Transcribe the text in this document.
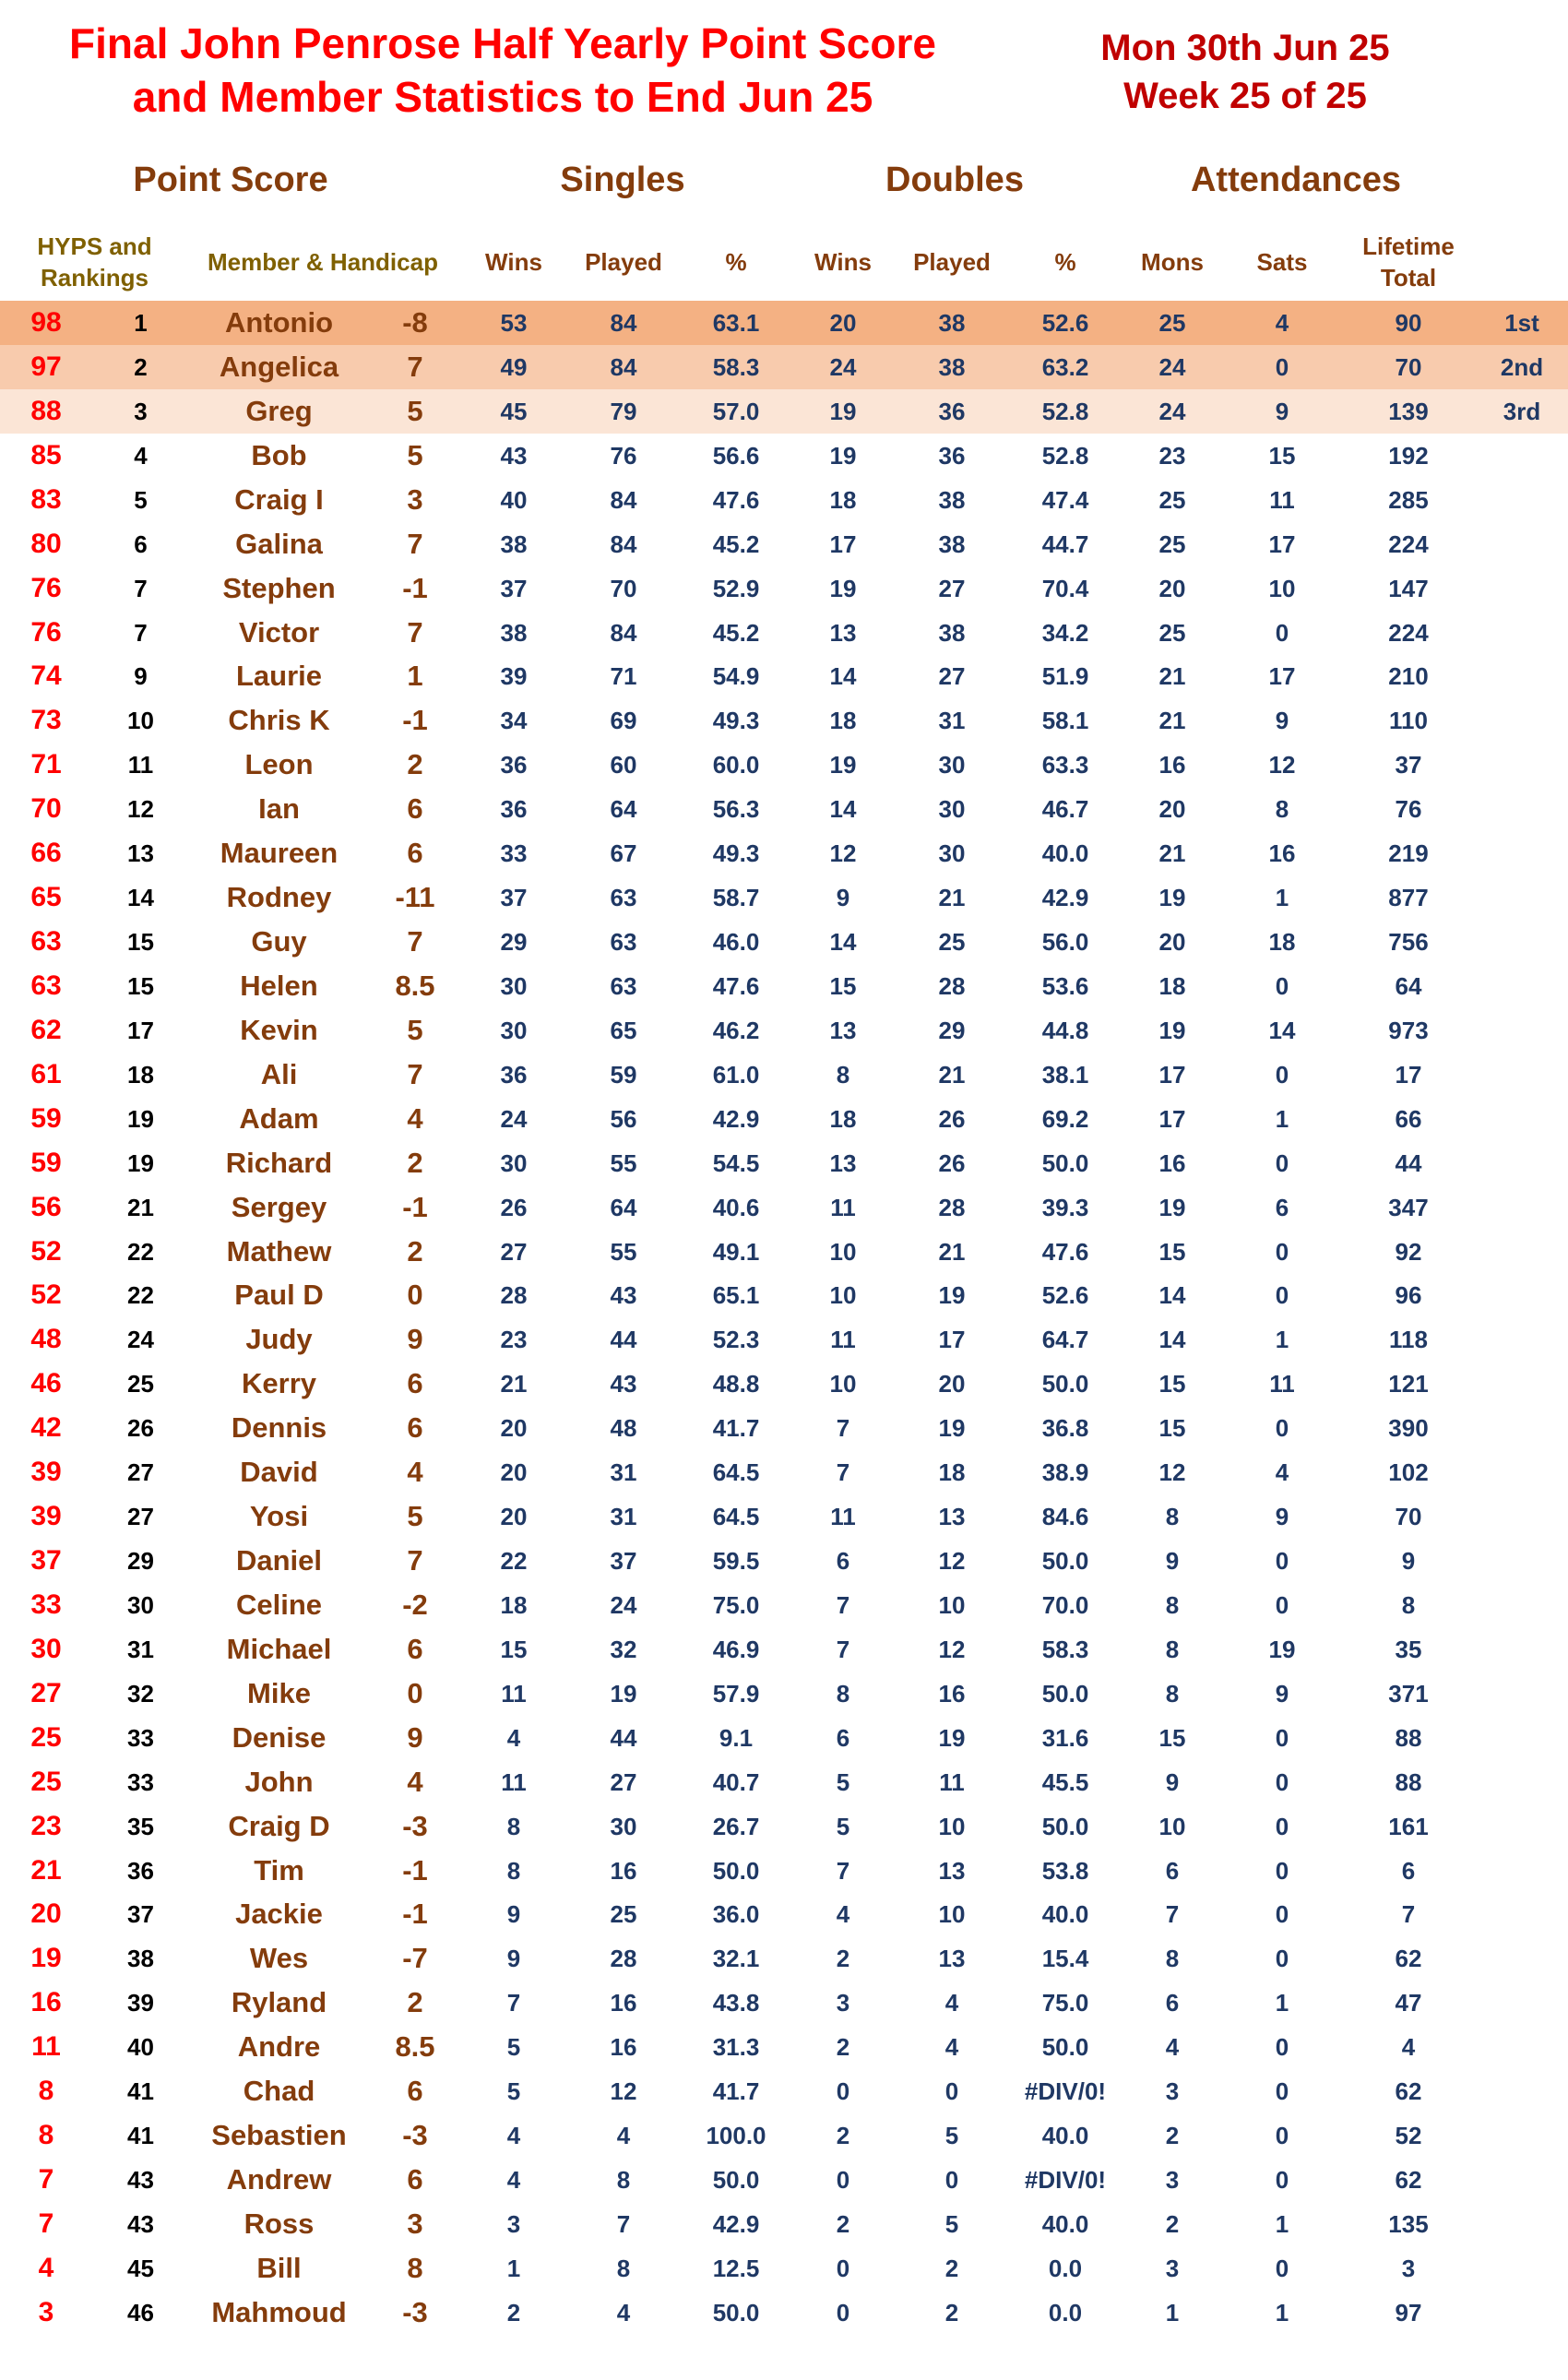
Final John Penrose Half Yearly Point Score
and Member Statistics to End Jun 25
Mon 30th Jun 25
Week 25 of 25
Point Score	Singles	Doubles	Attendances
HYPS and Rankings
Member & Handicap	Wins	Played	%	Wins	Played	%	Mons	Sats
Lifetime Total
98	1	Antonio	-8	53	84	63.1	20	38	52.6	25	4	90	1st
97	2	Angelica	7	49	84	58.3	24	38	63.2	24	0	70	2nd
88	3	Greg	5	45	79	57.0	19	36	52.8	24	9	139	3rd
85	4	Bob	5	43	76	56.6	19	36	52.8	23	15	192
83	5	Craig I	3	40	84	47.6	18	38	47.4	25	11	285
80	6	Galina	7	38	84	45.2	17	38	44.7	25	17	224
76	7	Stephen	-1	37	70	52.9	19	27	70.4	20	10	147
76	7	Victor	7	38	84	45.2	13	38	34.2	25	0	224
74	9	Laurie	1	39	71	54.9	14	27	51.9	21	17	210
73	10	Chris K	-1	34	69	49.3	18	31	58.1	21	9	110
71	11	Leon	2	36	60	60.0	19	30	63.3	16	12	37
70	12	Ian	6	36	64	56.3	14	30	46.7	20	8	76
66	13	Maureen	6	33	67	49.3	12	30	40.0	21	16	219
65	14	Rodney	-11	37	63	58.7	9	21	42.9	19	1	877
63	15	Guy	7	29	63	46.0	14	25	56.0	20	18	756
63	15	Helen	8.5	30	63	47.6	15	28	53.6	18	0	64
62	17	Kevin	5	30	65	46.2	13	29	44.8	19	14	973
61	18	Ali	7	36	59	61.0	8	21	38.1	17	0	17
59	19	Adam	4	24	56	42.9	18	26	69.2	17	1	66
59	19	Richard	2	30	55	54.5	13	26	50.0	16	0	44
56	21	Sergey	-1	26	64	40.6	11	28	39.3	19	6	347
52	22	Mathew	2	27	55	49.1	10	21	47.6	15	0	92
52	22	Paul D	0	28	43	65.1	10	19	52.6	14	0	96
48	24	Judy	9	23	44	52.3	11	17	64.7	14	1	118
46	25	Kerry	6	21	43	48.8	10	20	50.0	15	11	121
42	26	Dennis	6	20	48	41.7	7	19	36.8	15	0	390
39	27	David	4	20	31	64.5	7	18	38.9	12	4	102
39	27	Yosi	5	20	31	64.5	11	13	84.6	8	9	70
37	29	Daniel	7	22	37	59.5	6	12	50.0	9	0	9
33	30	Celine	-2	18	24	75.0	7	10	70.0	8	0	8
30	31	Michael	6	15	32	46.9	7	12	58.3	8	19	35
27	32	Mike	0	11	19	57.9	8	16	50.0	8	9	371
25	33	Denise	9	4	44	9.1	6	19	31.6	15	0	88
25	33	John	4	11	27	40.7	5	11	45.5	9	0	88
23	35	Craig D	-3	8	30	26.7	5	10	50.0	10	0	161
21	36	Tim	-1	8	16	50.0	7	13	53.8	6	0	6
20	37	Jackie	-1	9	25	36.0	4	10	40.0	7	0	7
19	38	Wes	-7	9	28	32.1	2	13	15.4	8	0	62
16	39	Ryland	2	7	16	43.8	3	4	75.0	6	1	47
11	40	Andre	8.5	5	16	31.3	2	4	50.0	4	0	4
8	41	Chad	6	5	12	41.7	0	0	#DIV/0!	3	0	62
8	41	Sebastien	-3	4	4	100.0	2	5	40.0	2	0	52
7	43	Andrew	6	4	8	50.0	0	0	#DIV/0!	3	0	62
7	43	Ross	3	3	7	42.9	2	5	40.0	2	1	135
4	45	Bill	8	1	8	12.5	0	2	0.0	3	0	3
3	46	Mahmoud	-3	2	4	50.0	0	2	0.0	1	1	97
